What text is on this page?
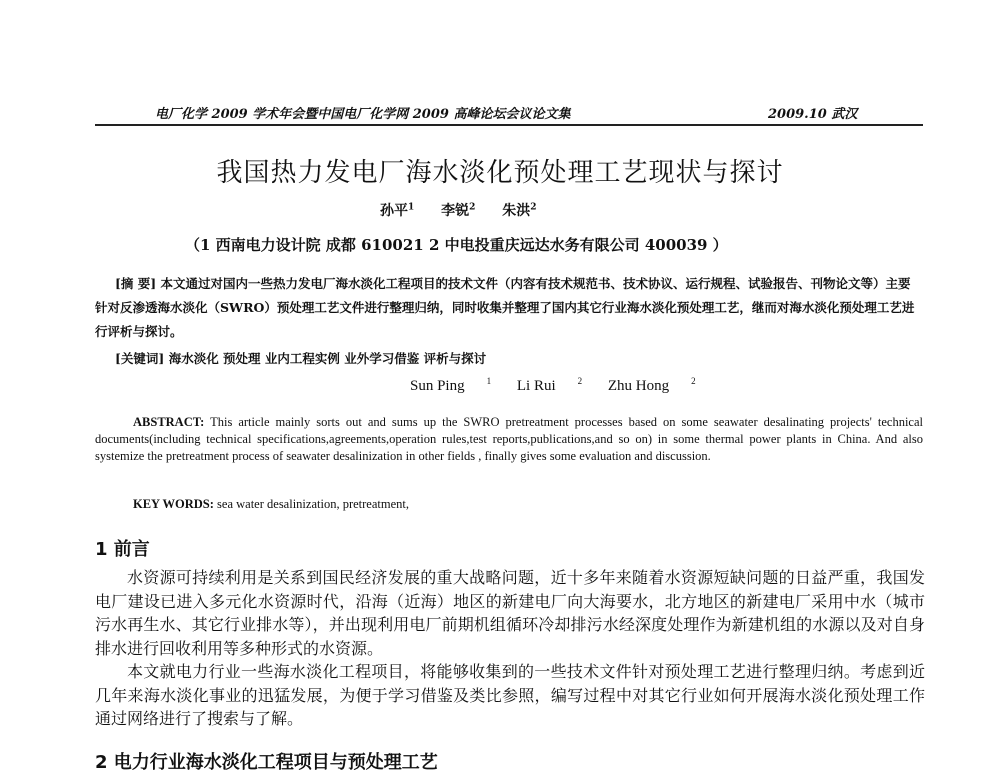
电厂化学 2009 学术年会暨中国电厂化学网 2009 高峰论坛会议论文集	2009.10 武汉
我国热力发电厂海水淡化预处理工艺现状与探讨
孙平$^1$ 李锐$^2$ 朱洪$^2$
（1 西南电力设计院 成都 610021 2 中电投重庆远达水务有限公司 400039 ）
[摘 要] 本文通过对国内一些热力发电厂海水淡化工程项目的技术文件（内容有技术规范书、技术协议、运行规程、试验报告、刊物论文等）主要针对反渗透海水淡化（SWRO）预处理工艺文件进行整理归纳，同时收集并整理了国内其它行业海水淡化预处理工艺，继而对海水淡化预处理工艺进行评析与探讨。
[关键词] 海水淡化 预处理 业内工程实例 业外学习借鉴 评析与探讨
Sun Ping $^1$ Li Rui $^2$ Zhu Hong $^2$
ABSTRACT: This article mainly sorts out and sums up the SWRO pretreatment processes based on some seawater desalinating projects' technical documents(including technical specifications,agreements,operation rules,test reports,publications,and so on) in some thermal power plants in China. And also systemize the pretreatment process of seawater desalinization in other fields , finally gives some evaluation and discussion.
KEY WORDS: sea water desalinization, pretreatment,
1 前言

水资源可持续利用是关系到国民经济发展的重大战略问题，近十多年来随着水资源短缺问题的日益严重，我国发电厂建设已进入多元化水资源时代，沿海（近海）地区的新建电厂向大海要水，北方地区的新建电厂采用中水（城市污水再生水、其它行业排水等），并出现利用电厂前期机组循环冷却排污水经深度处理作为新建机组的水源以及对自身排水进行回收利用等多种形式的水资源。

本文就电力行业一些海水淡化工程项目，将能够收集到的一些技术文件针对预处理工艺进行整理归纳。考虑到近几年来海水淡化事业的迅猛发展，为便于学习借鉴及类比参照，编写过程中对其它行业如何开展海水淡化预处理工作通过网络进行了搜索与了解。

2 电力行业海水淡化工程项目与预处理工艺
